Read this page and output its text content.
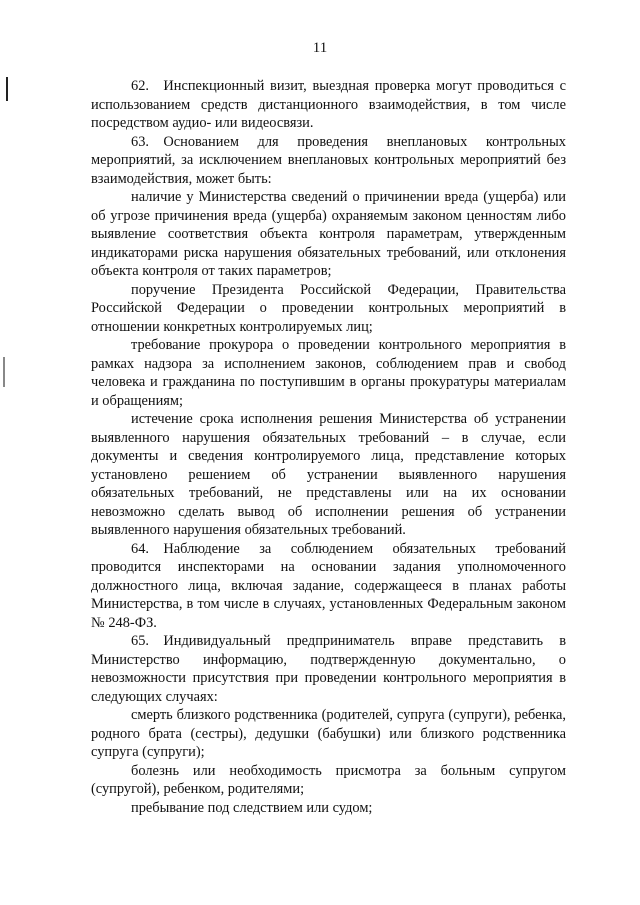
11

62. Инспекционный визит, выездная проверка могут проводиться с использованием средств дистанционного взаимодействия, в том числе посредством аудио- или видеосвязи.

63. Основанием для проведения внеплановых контрольных мероприятий, за исключением внеплановых контрольных мероприятий без взаимодействия, может быть:

наличие у Министерства сведений о причинении вреда (ущерба) или об угрозе причинения вреда (ущерба) охраняемым законом ценностям либо выявление соответствия объекта контроля параметрам, утвержденным индикаторами риска нарушения обязательных требований, или отклонения объекта контроля от таких параметров;

поручение Президента Российской Федерации, Правительства Российской Федерации о проведении контрольных мероприятий в отношении конкретных контролируемых лиц;

требование прокурора о проведении контрольного мероприятия в рамках надзора за исполнением законов, соблюдением прав и свобод человека и гражданина по поступившим в органы прокуратуры материалам и обращениям;

истечение срока исполнения решения Министерства об устранении выявленного нарушения обязательных требований – в случае, если документы и сведения контролируемого лица, представление которых установлено решением об устранении выявленного нарушения обязательных требований, не представлены или на их основании невозможно сделать вывод об исполнении решения об устранении выявленного нарушения обязательных требований.

64. Наблюдение за соблюдением обязательных требований проводится инспекторами на основании задания уполномоченного должностного лица, включая задание, содержащееся в планах работы Министерства, в том числе в случаях, установленных Федеральным законом № 248-ФЗ.

65. Индивидуальный предприниматель вправе представить в Министерство информацию, подтвержденную документально, о невозможности присутствия при проведении контрольного мероприятия в следующих случаях:

смерть близкого родственника (родителей, супруга (супруги), ребенка, родного брата (сестры), дедушки (бабушки) или близкого родственника супруга (супруги);

болезнь или необходимость присмотра за больным супругом (супругой), ребенком, родителями;

пребывание под следствием или судом;
